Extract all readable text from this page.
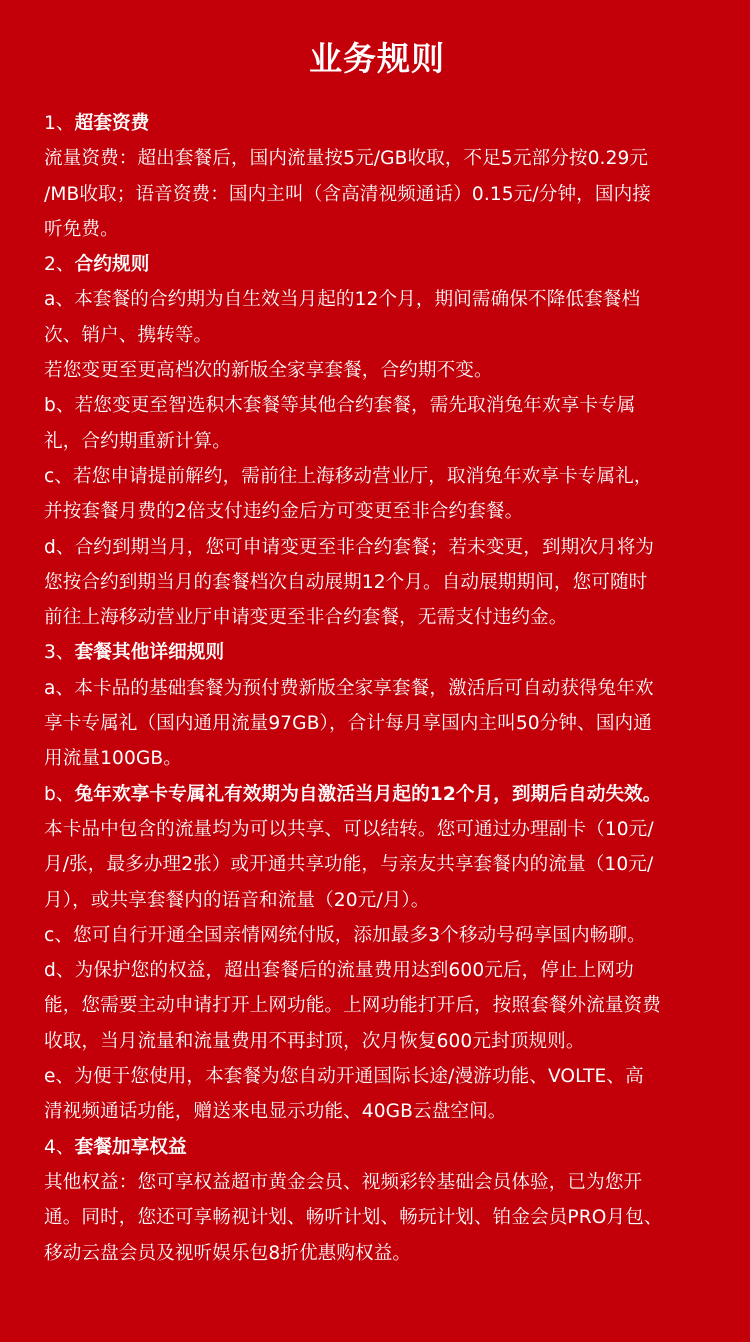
业务规则

1、超套资费

流量资费：超出套餐后，国内流量按5元/GB收取，不足5元部分按0.29元

/MB收取；语音资费：国内主叫（含高清视频通话）0.15元/分钟，国内接

听免费。

2、合约规则

a、本套餐的合约期为自生效当月起的12个月，期间需确保不降低套餐档

次、销户、携转等。

若您变更至更高档次的新版全家享套餐，合约期不变。

b、若您变更至智选积木套餐等其他合约套餐，需先取消兔年欢享卡专属

礼，合约期重新计算。

c、若您申请提前解约，需前往上海移动营业厅，取消兔年欢享卡专属礼，

并按套餐月费的2倍支付违约金后方可变更至非合约套餐。

d、合约到期当月，您可申请变更至非合约套餐；若未变更，到期次月将为

您按合约到期当月的套餐档次自动展期12个月。自动展期期间，您可随时

前往上海移动营业厅申请变更至非合约套餐，无需支付违约金。

3、套餐其他详细规则

a、本卡品的基础套餐为预付费新版全家享套餐，激活后可自动获得兔年欢

享卡专属礼（国内通用流量97GB），合计每月享国内主叫50分钟、国内通

用流量100GB。

b、兔年欢享卡专属礼有效期为自激活当月起的12个月，到期后自动失效。

本卡品中包含的流量均为可以共享、可以结转。您可通过办理副卡（10元/

月/张，最多办理2张）或开通共享功能，与亲友共享套餐内的流量（10元/

月），或共享套餐内的语音和流量（20元/月）。

c、您可自行开通全国亲情网统付版，添加最多3个移动号码享国内畅聊。

d、为保护您的权益，超出套餐后的流量费用达到600元后，停止上网功

能，您需要主动申请打开上网功能。上网功能打开后，按照套餐外流量资费

收取，当月流量和流量费用不再封顶，次月恢复600元封顶规则。

e、为便于您使用，本套餐为您自动开通国际长途/漫游功能、VOLTE、高

清视频通话功能，赠送来电显示功能、40GB云盘空间。

4、套餐加享权益

其他权益：您可享权益超市黄金会员、视频彩铃基础会员体验，已为您开

通。同时，您还可享畅视计划、畅听计划、畅玩计划、铂金会员PRO月包、

移动云盘会员及视听娱乐包8折优惠购权益。
